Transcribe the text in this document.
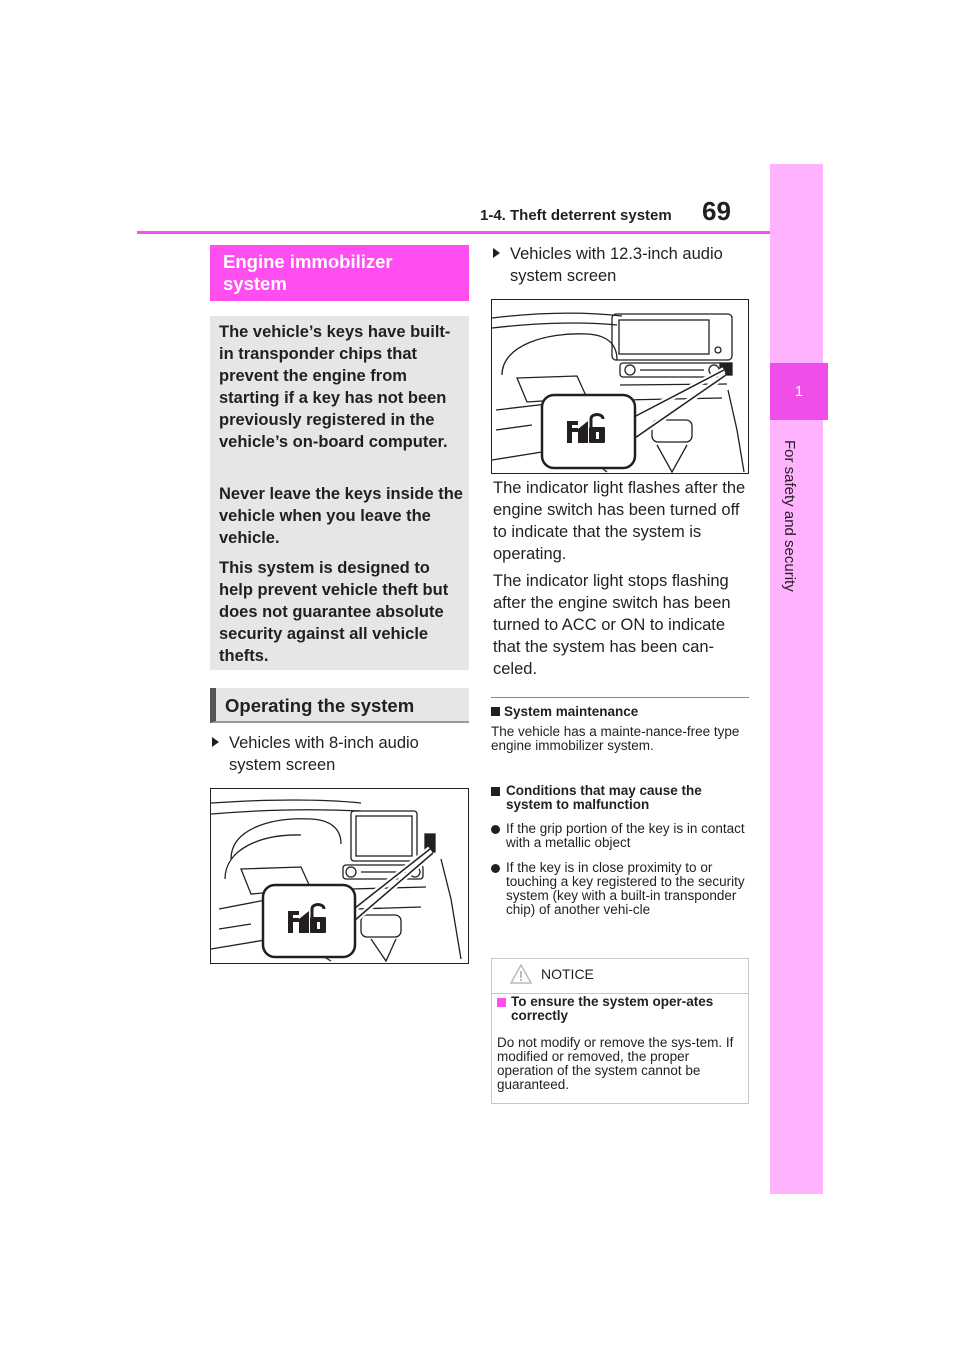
1-4. Theft deterrent system 69
1
For safety and security
Engine immobilizer system

The vehicle’s keys have built-in transponder chips that prevent the engine from starting if a key has not been previously registered in the vehicle’s on-board computer.

Never leave the keys inside the vehicle when you leave the vehicle.

This system is designed to help prevent vehicle theft but does not guarantee absolute security against all vehicle thefts.

Operating the system
Vehicles with 8-inch audio system screen
Vehicles with 12.3-inch audio system screen
The indicator light flashes after the engine switch has been turned off to indicate that the system is operating.
The indicator light stops flashing after the engine switch has been turned to ACC or ON to indicate that the system has been can-celed.
System maintenance
The vehicle has a mainte-nance-free type engine immobilizer system.
Conditions that may cause the system to malfunction
If the grip portion of the key is in contact with a metallic object
If the key is in close proximity to or touching a key registered to the security system (key with a built-in transponder chip) of another vehi-cle
NOTICE
To ensure the system oper-ates correctly
Do not modify or remove the sys-tem. If modified or removed, the proper operation of the system cannot be guaranteed.
